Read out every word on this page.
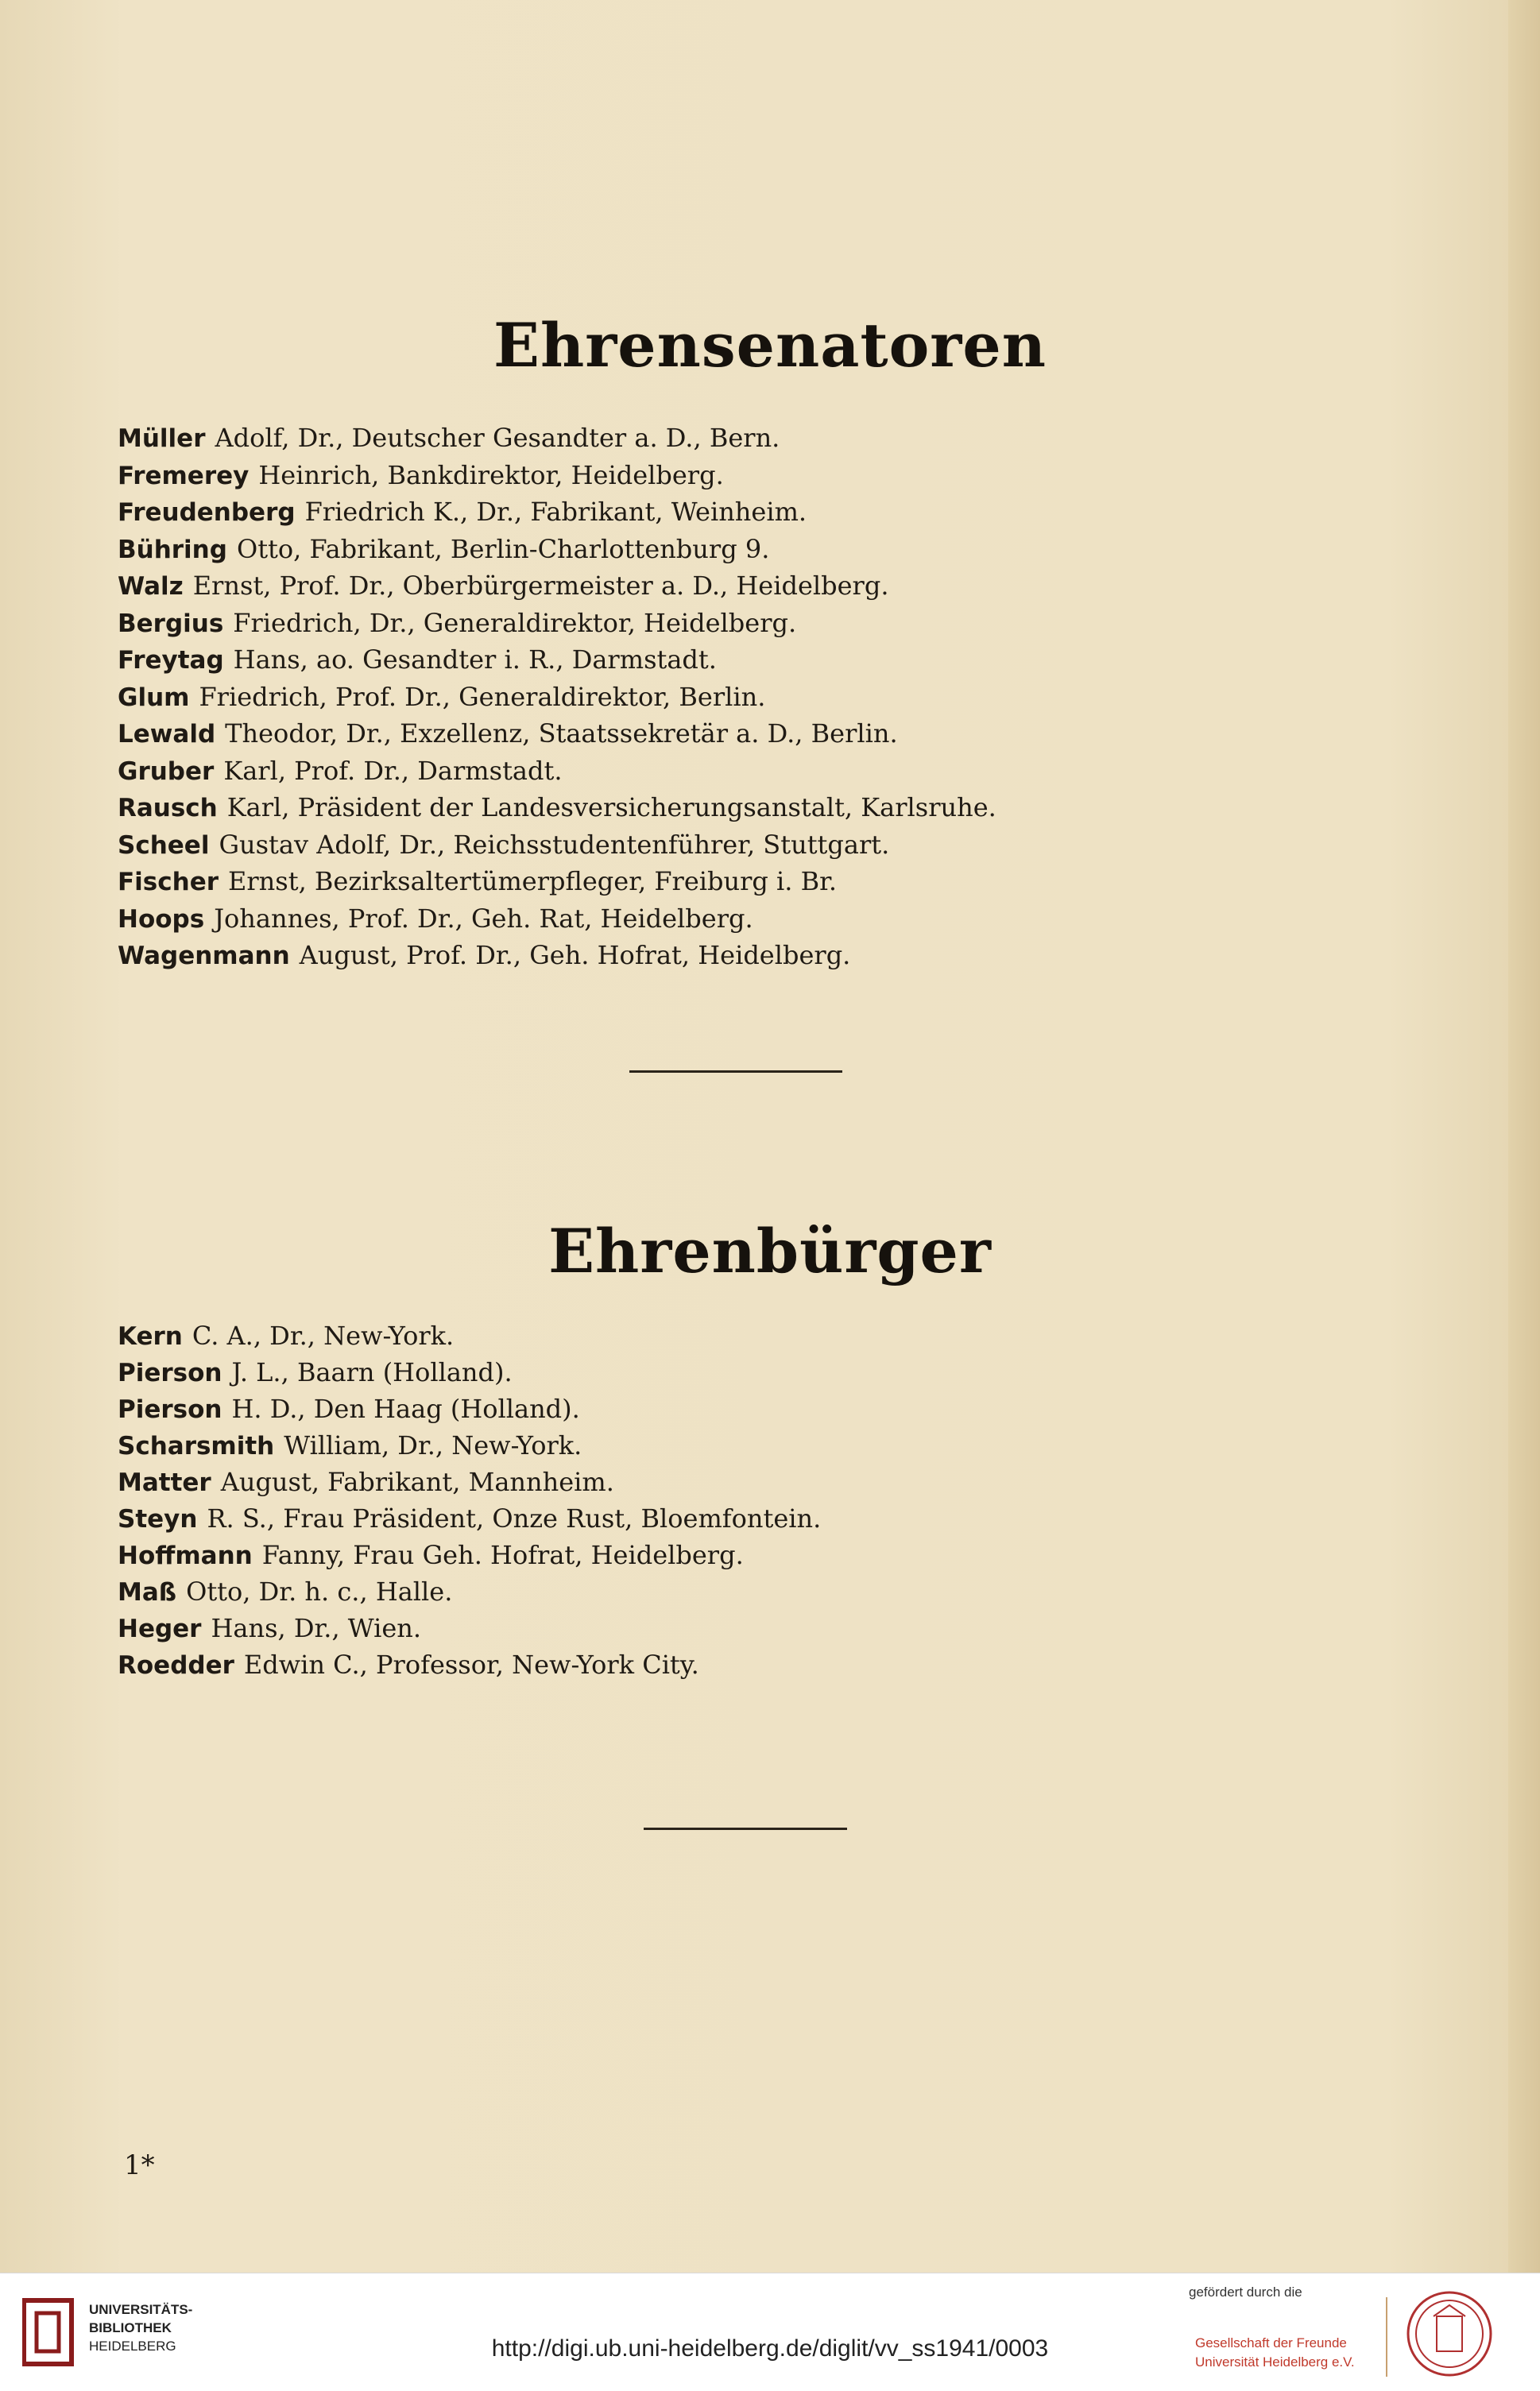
Ehrensenatoren
Müller Adolf, Dr., Deutscher Gesandter a. D., Bern.
Fremerey Heinrich, Bankdirektor, Heidelberg.
Freudenberg Friedrich K., Dr., Fabrikant, Weinheim.
Bühring Otto, Fabrikant, Berlin-Charlottenburg 9.
Walz Ernst, Prof. Dr., Oberbürgermeister a. D., Heidelberg.
Bergius Friedrich, Dr., Generaldirektor, Heidelberg.
Freytag Hans, ao. Gesandter i. R., Darmstadt.
Glum Friedrich, Prof. Dr., Generaldirektor, Berlin.
Lewald Theodor, Dr., Exzellenz, Staatssekretär a. D., Berlin.
Gruber Karl, Prof. Dr., Darmstadt.
Rausch Karl, Präsident der Landesversicherungsanstalt, Karlsruhe.
Scheel Gustav Adolf, Dr., Reichsstudentenführer, Stuttgart.
Fischer Ernst, Bezirksaltertümerpfleger, Freiburg i. Br.
Hoops Johannes, Prof. Dr., Geh. Rat, Heidelberg.
Wagenmann August, Prof. Dr., Geh. Hofrat, Heidelberg.
Ehrenbürger
Kern C. A., Dr., New-York.
Pierson J. L., Baarn (Holland).
Pierson H. D., Den Haag (Holland).
Scharsmith William, Dr., New-York.
Matter August, Fabrikant, Mannheim.
Steyn R. S., Frau Präsident, Onze Rust, Bloemfontein.
Hoffmann Fanny, Frau Geh. Hofrat, Heidelberg.
Maß Otto, Dr. h. c., Halle.
Heger Hans, Dr., Wien.
Roedder Edwin C., Professor, New-York City.
1*
UNIVERSITÄTS-
BIBLIOTHEK
HEIDELBERG	http://digi.ub.uni-heidelberg.de/diglit/vv_ss1941/0003
gefördert durch die
Gesellschaft der Freunde
Universität Heidelberg e.V.
